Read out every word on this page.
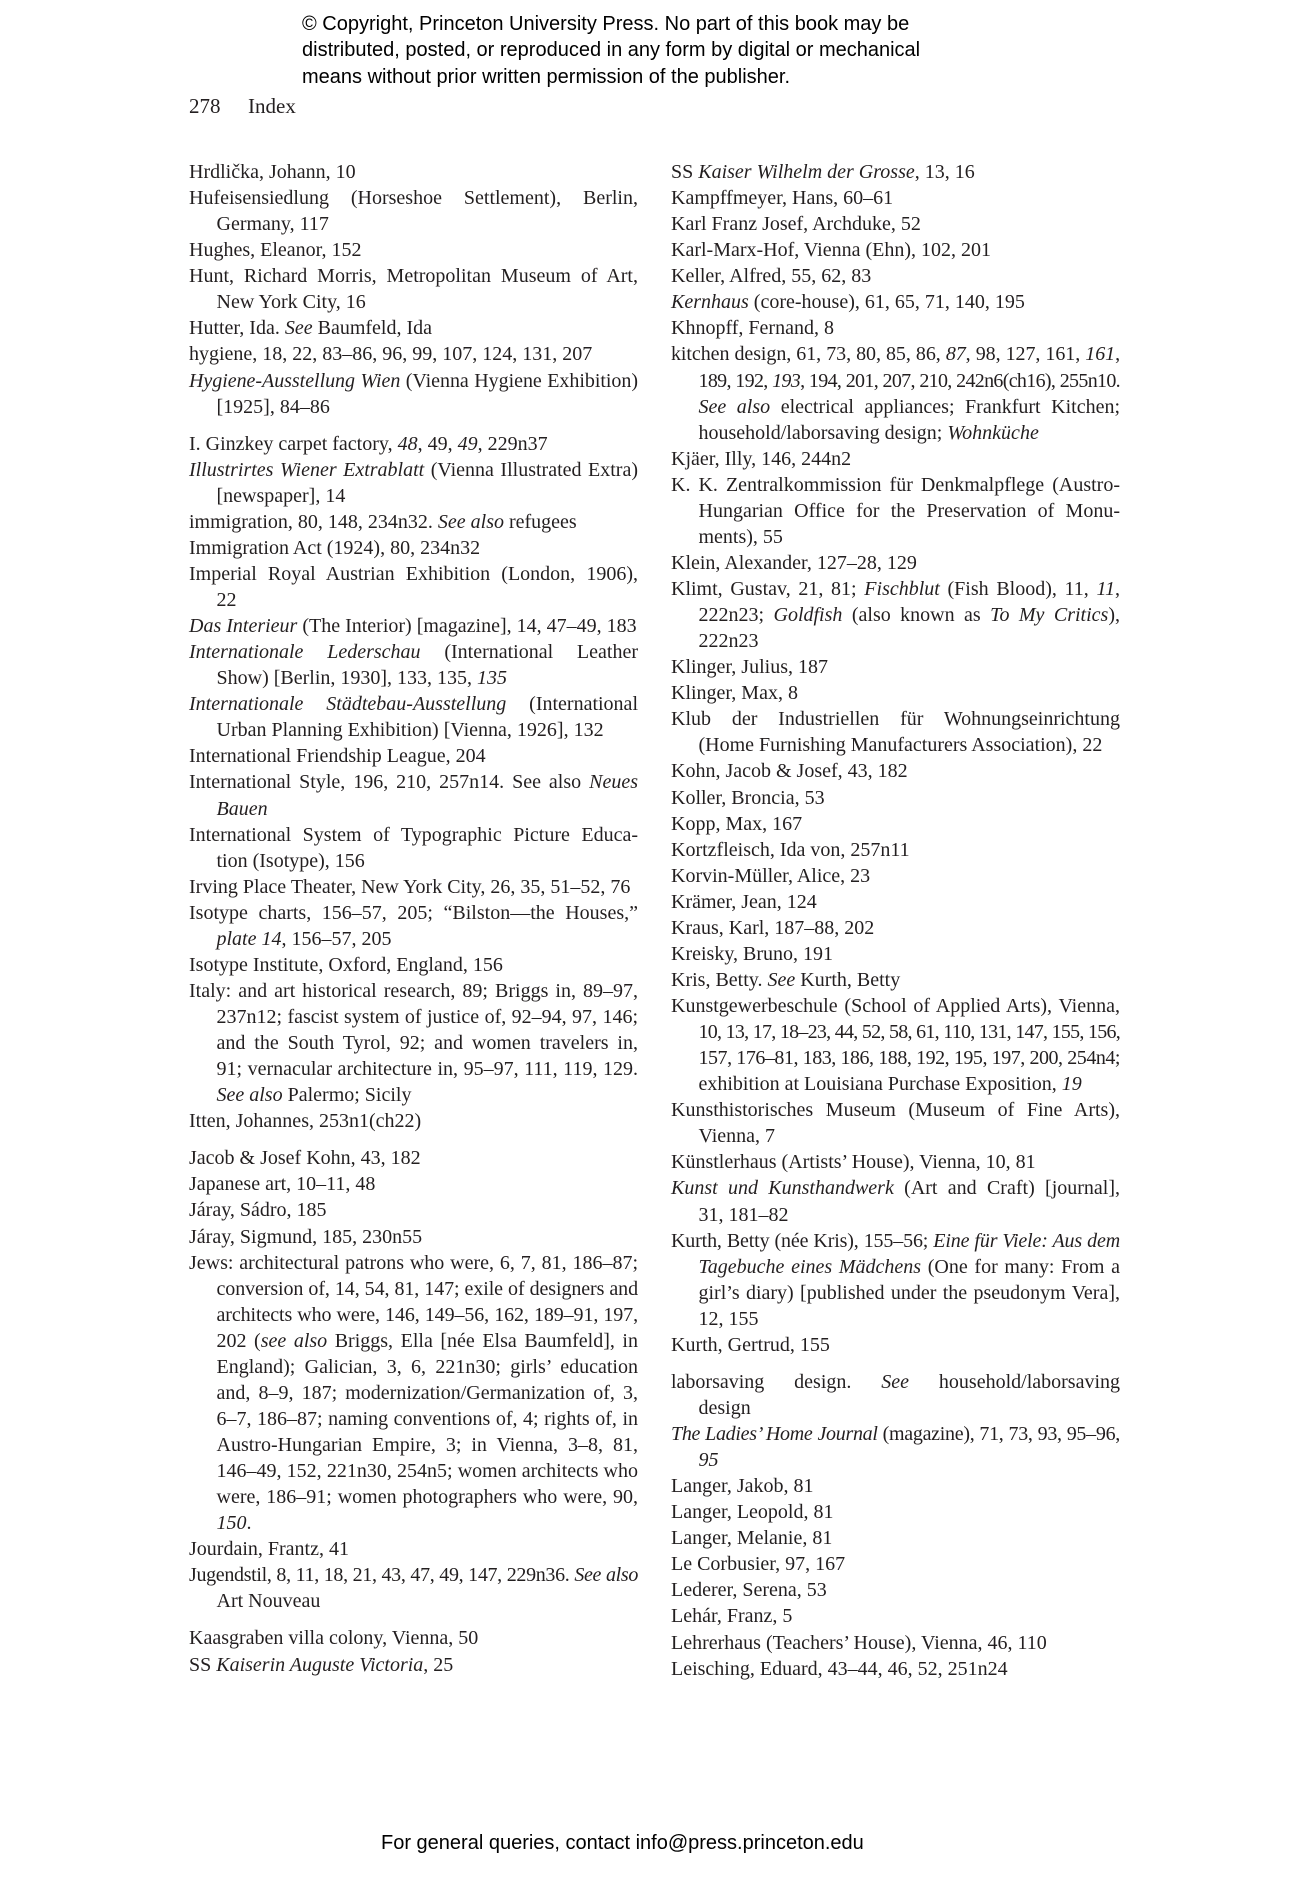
© Copyright, Princeton University Press. No part of this book may be
distributed, posted, or reproduced in any form by digital or mechanical
means without prior written permission of the publisher.
278 Index
Hrdlička, Johann, 10
Hufeisensiedlung (Horseshoe Settlement), Berlin,
Germany, 117
Hughes, Eleanor, 152
Hunt, Richard Morris, Metropolitan Museum of Art,
New York City, 16
Hutter, Ida. See Baumfeld, Ida
hygiene, 18, 22, 83–86, 96, 99, 107, 124, 131, 207
Hygiene-Ausstellung Wien (Vienna Hygiene Exhibition)
[1925], 84–86
I. Ginzkey carpet factory, 48, 49, 49, 229n37
Illustrirtes Wiener Extrablatt (Vienna Illustrated Extra)
[newspaper], 14
immigration, 80, 148, 234n32. See also refugees
Immigration Act (1924), 80, 234n32
Imperial Royal Austrian Exhibition (London, 1906),
22
Das Interieur (The Interior) [magazine], 14, 47–49, 183
Internationale Lederschau (International Leather
Show) [Berlin, 1930], 133, 135, 135
Internationale Städtebau-Ausstellung (International
Urban Planning Exhibition) [Vienna, 1926], 132
International Friendship League, 204
International Style, 196, 210, 257n14. See also Neues
Bauen
International System of Typographic Picture Educa-
tion (Isotype), 156
Irving Place Theater, New York City, 26, 35, 51–52, 76
Isotype charts, 156–57, 205; “Bilston—the Houses,”
plate 14, 156–57, 205
Isotype Institute, Oxford, England, 156
Italy: and art historical research, 89; Briggs in, 89–97,
237n12; fascist system of justice of, 92–94, 97, 146;
and the South Tyrol, 92; and women travelers in,
91; vernacular architecture in, 95–97, 111, 119, 129.
See also Palermo; Sicily
Itten, Johannes, 253n1(ch22)
Jacob & Josef Kohn, 43, 182
Japanese art, 10–11, 48
Járay, Sádro, 185
Járay, Sigmund, 185, 230n55
Jews: architectural patrons who were, 6, 7, 81, 186–87;
conversion of, 14, 54, 81, 147; exile of designers and
architects who were, 146, 149–56, 162, 189–91, 197,
202 (see also Briggs, Ella [née Elsa Baumfeld], in
England); Galician, 3, 6, 221n30; girls’ education
and, 8–9, 187; modernization/Germanization of, 3,
6–7, 186–87; naming conventions of, 4; rights of, in
Austro-Hungarian Empire, 3; in Vienna, 3–8, 81,
146–49, 152, 221n30, 254n5; women architects who
were, 186–91; women photographers who were, 90,
150.
Jourdain, Frantz, 41
Jugendstil, 8, 11, 18, 21, 43, 47, 49, 147, 229n36. See also
Art Nouveau
Kaasgraben villa colony, Vienna, 50
SS Kaiserin Auguste Victoria, 25
SS Kaiser Wilhelm der Grosse, 13, 16
Kampffmeyer, Hans, 60–61
Karl Franz Josef, Archduke, 52
Karl-Marx-Hof, Vienna (Ehn), 102, 201
Keller, Alfred, 55, 62, 83
Kernhaus (core-house), 61, 65, 71, 140, 195
Khnopff, Fernand, 8
kitchen design, 61, 73, 80, 85, 86, 87, 98, 127, 161, 161,
189, 192, 193, 194, 201, 207, 210, 242n6(ch16), 255n10.
See also electrical appliances; Frankfurt Kitchen;
household/laborsaving design; Wohnküche
Kjäer, Illy, 146, 244n2
K. K. Zentralkommission für Denkmalpflege (Austro-
Hungarian Office for the Preservation of Monu-
ments), 55
Klein, Alexander, 127–28, 129
Klimt, Gustav, 21, 81; Fischblut (Fish Blood), 11, 11,
222n23; Goldfish (also known as To My Critics),
222n23
Klinger, Julius, 187
Klinger, Max, 8
Klub der Industriellen für Wohnungseinrichtung
(Home Furnishing Manufacturers Association), 22
Kohn, Jacob & Josef, 43, 182
Koller, Broncia, 53
Kopp, Max, 167
Kortzfleisch, Ida von, 257n11
Korvin-Müller, Alice, 23
Krämer, Jean, 124
Kraus, Karl, 187–88, 202
Kreisky, Bruno, 191
Kris, Betty. See Kurth, Betty
Kunstgewerbeschule (School of Applied Arts), Vienna,
10, 13, 17, 18–23, 44, 52, 58, 61, 110, 131, 147, 155, 156,
157, 176–81, 183, 186, 188, 192, 195, 197, 200, 254n4;
exhibition at Louisiana Purchase Exposition, 19
Kunsthistorisches Museum (Museum of Fine Arts),
Vienna, 7
Künstlerhaus (Artists’ House), Vienna, 10, 81
Kunst und Kunsthandwerk (Art and Craft) [journal],
31, 181–82
Kurth, Betty (née Kris), 155–56; Eine für Viele: Aus dem
Tagebuche eines Mädchens (One for many: From a
girl’s diary) [published under the pseudonym Vera],
12, 155
Kurth, Gertrud, 155
laborsaving design. See household/laborsaving
design
The Ladies’ Home Journal (magazine), 71, 73, 93, 95–96,
95
Langer, Jakob, 81
Langer, Leopold, 81
Langer, Melanie, 81
Le Corbusier, 97, 167
Lederer, Serena, 53
Lehár, Franz, 5
Lehrerhaus (Teachers’ House), Vienna, 46, 110
Leisching, Eduard, 43–44, 46, 52, 251n24
For general queries, contact info@press.princeton.edu
